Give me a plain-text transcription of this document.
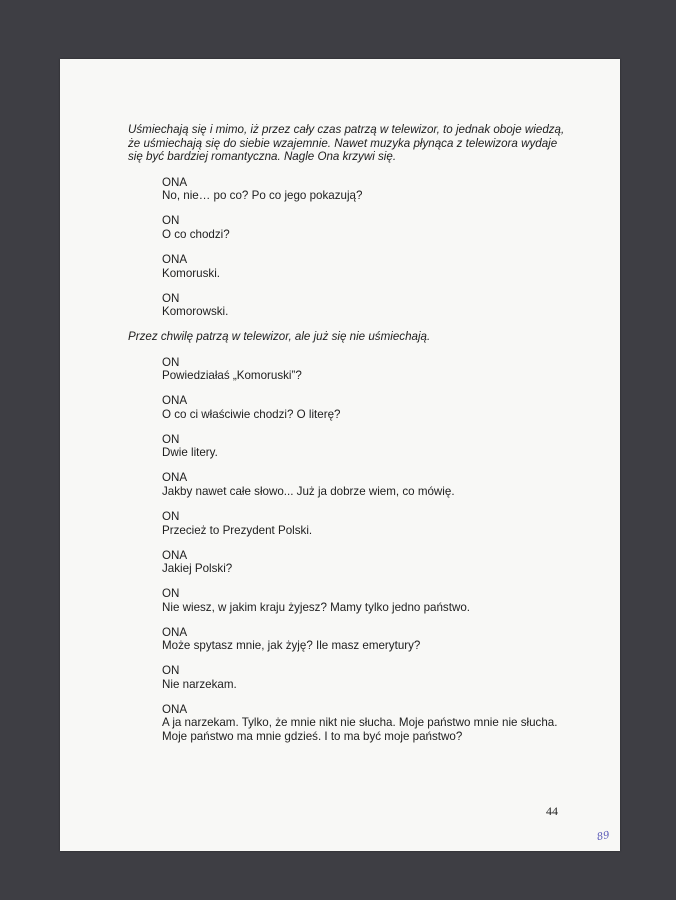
Uśmiechają się i mimo, iż przez cały czas patrzą w telewizor, to jednak oboje wiedzą,

że uśmiechają się do siebie wzajemnie. Nawet muzyka płynąca z telewizora wydaje

się być bardziej romantyczna. Nagle Ona krzywi się.

ONA
No, nie… po co? Po co jego pokazują?
ON
O co chodzi?
ONA
Komoruski.
ON
Komorowski.

Przez chwilę patrzą w telewizor, ale już się nie uśmiechają.

ON
Powiedziałaś „Komoruski”?
ONA
O co ci właściwie chodzi? O literę?
ON
Dwie litery.
ONA
Jakby nawet całe słowo... Już ja dobrze wiem, co mówię.
ON
Przecież to Prezydent Polski.
ONA
Jakiej Polski?
ON
Nie wiesz, w jakim kraju żyjesz? Mamy tylko jedno państwo.
ONA
Może spytasz mnie, jak żyję? Ile masz emerytury?
ON
Nie narzekam.
ONA
A ja narzekam. Tylko, że mnie nikt nie słucha. Moje państwo mnie nie słucha.
Moje państwo ma mnie gdzieś. I to ma być moje państwo?
44
89
